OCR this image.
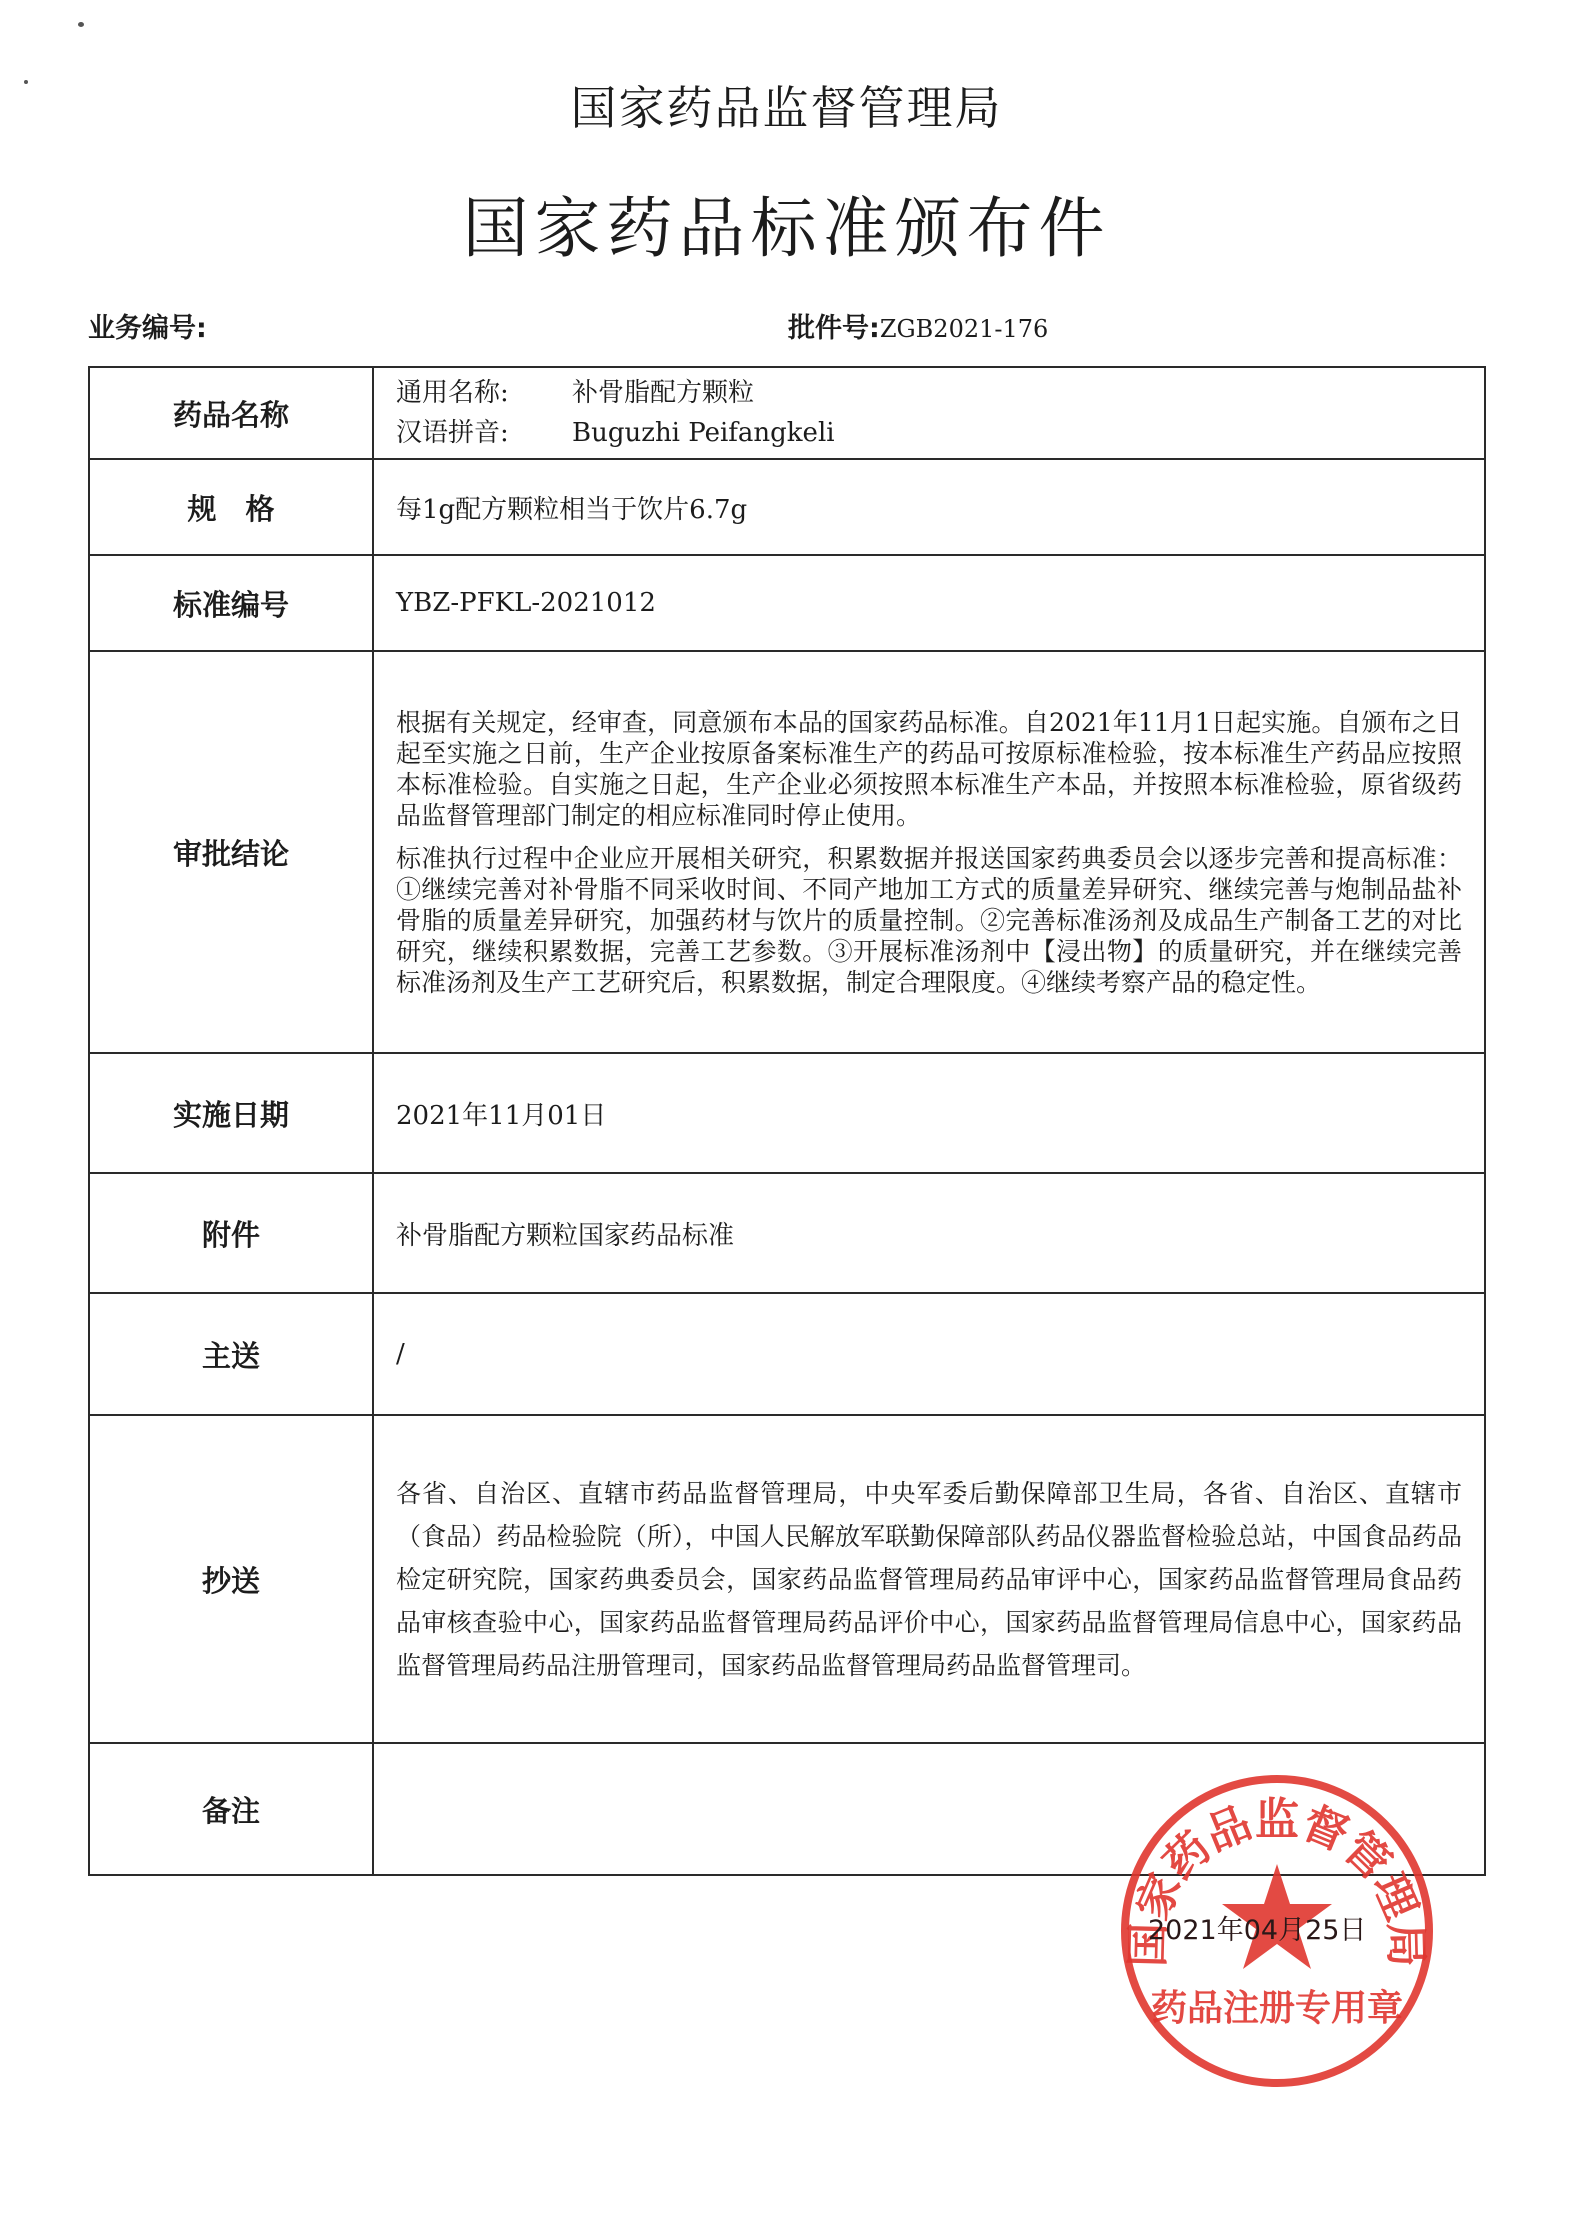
国家药品监督管理局
国家药品标准颁布件
业务编号:	批件号:ZGB2021-176
药品名称	通用名称: 补骨脂配方颗粒
汉语拼音: Buguzhi Peifangkeli

规　格	每1g配方颗粒相当于饮片6.7g
标准编号	YBZ-PFKL-2021012
审批结论	根据有关规定，经审查，同意颁布本品的国家药品标准。自2021年11月1日起实施。自颁布之日起至实施之日前，生产企业按原备案标准生产的药品可按原标准检验，按本标准生产药品应按照本标准检验。自实施之日起，生产企业必须按照本标准生产本品，并按照本标准检验，原省级药品监督管理部门制定的相应标准同时停止使用。

标准执行过程中企业应开展相关研究，积累数据并报送国家药典委员会以逐步完善和提高标准：①继续完善对补骨脂不同采收时间、不同产地加工方式的质量差异研究、继续完善与炮制品盐补骨脂的质量差异研究，加强药材与饮片的质量控制。②完善标准汤剂及成品生产制备工艺的对比研究，继续积累数据，完善工艺参数。③开展标准汤剂中【浸出物】的质量研究，并在继续完善标准汤剂及生产工艺研究后，积累数据，制定合理限度。④继续考察产品的稳定性。

实施日期	2021年11月01日
附件	补骨脂配方颗粒国家药品标准
主送	/
抄送	各省、自治区、直辖市药品监督管理局，中央军委后勤保障部卫生局，各省、自治区、直辖市（食品）药品检验院（所），中国人民解放军联勤保障部队药品仪器监督检验总站，中国食品药品检定研究院，国家药典委员会，国家药品监督管理局药品审评中心，国家药品监督管理局食品药品审核查验中心，国家药品监督管理局药品评价中心，国家药品监督管理局信息中心，国家药品监督管理局药品注册管理司，国家药品监督管理局药品监督管理司。

备注	
国家药品监督管理局
药品注册专用章
2021年04月25日
